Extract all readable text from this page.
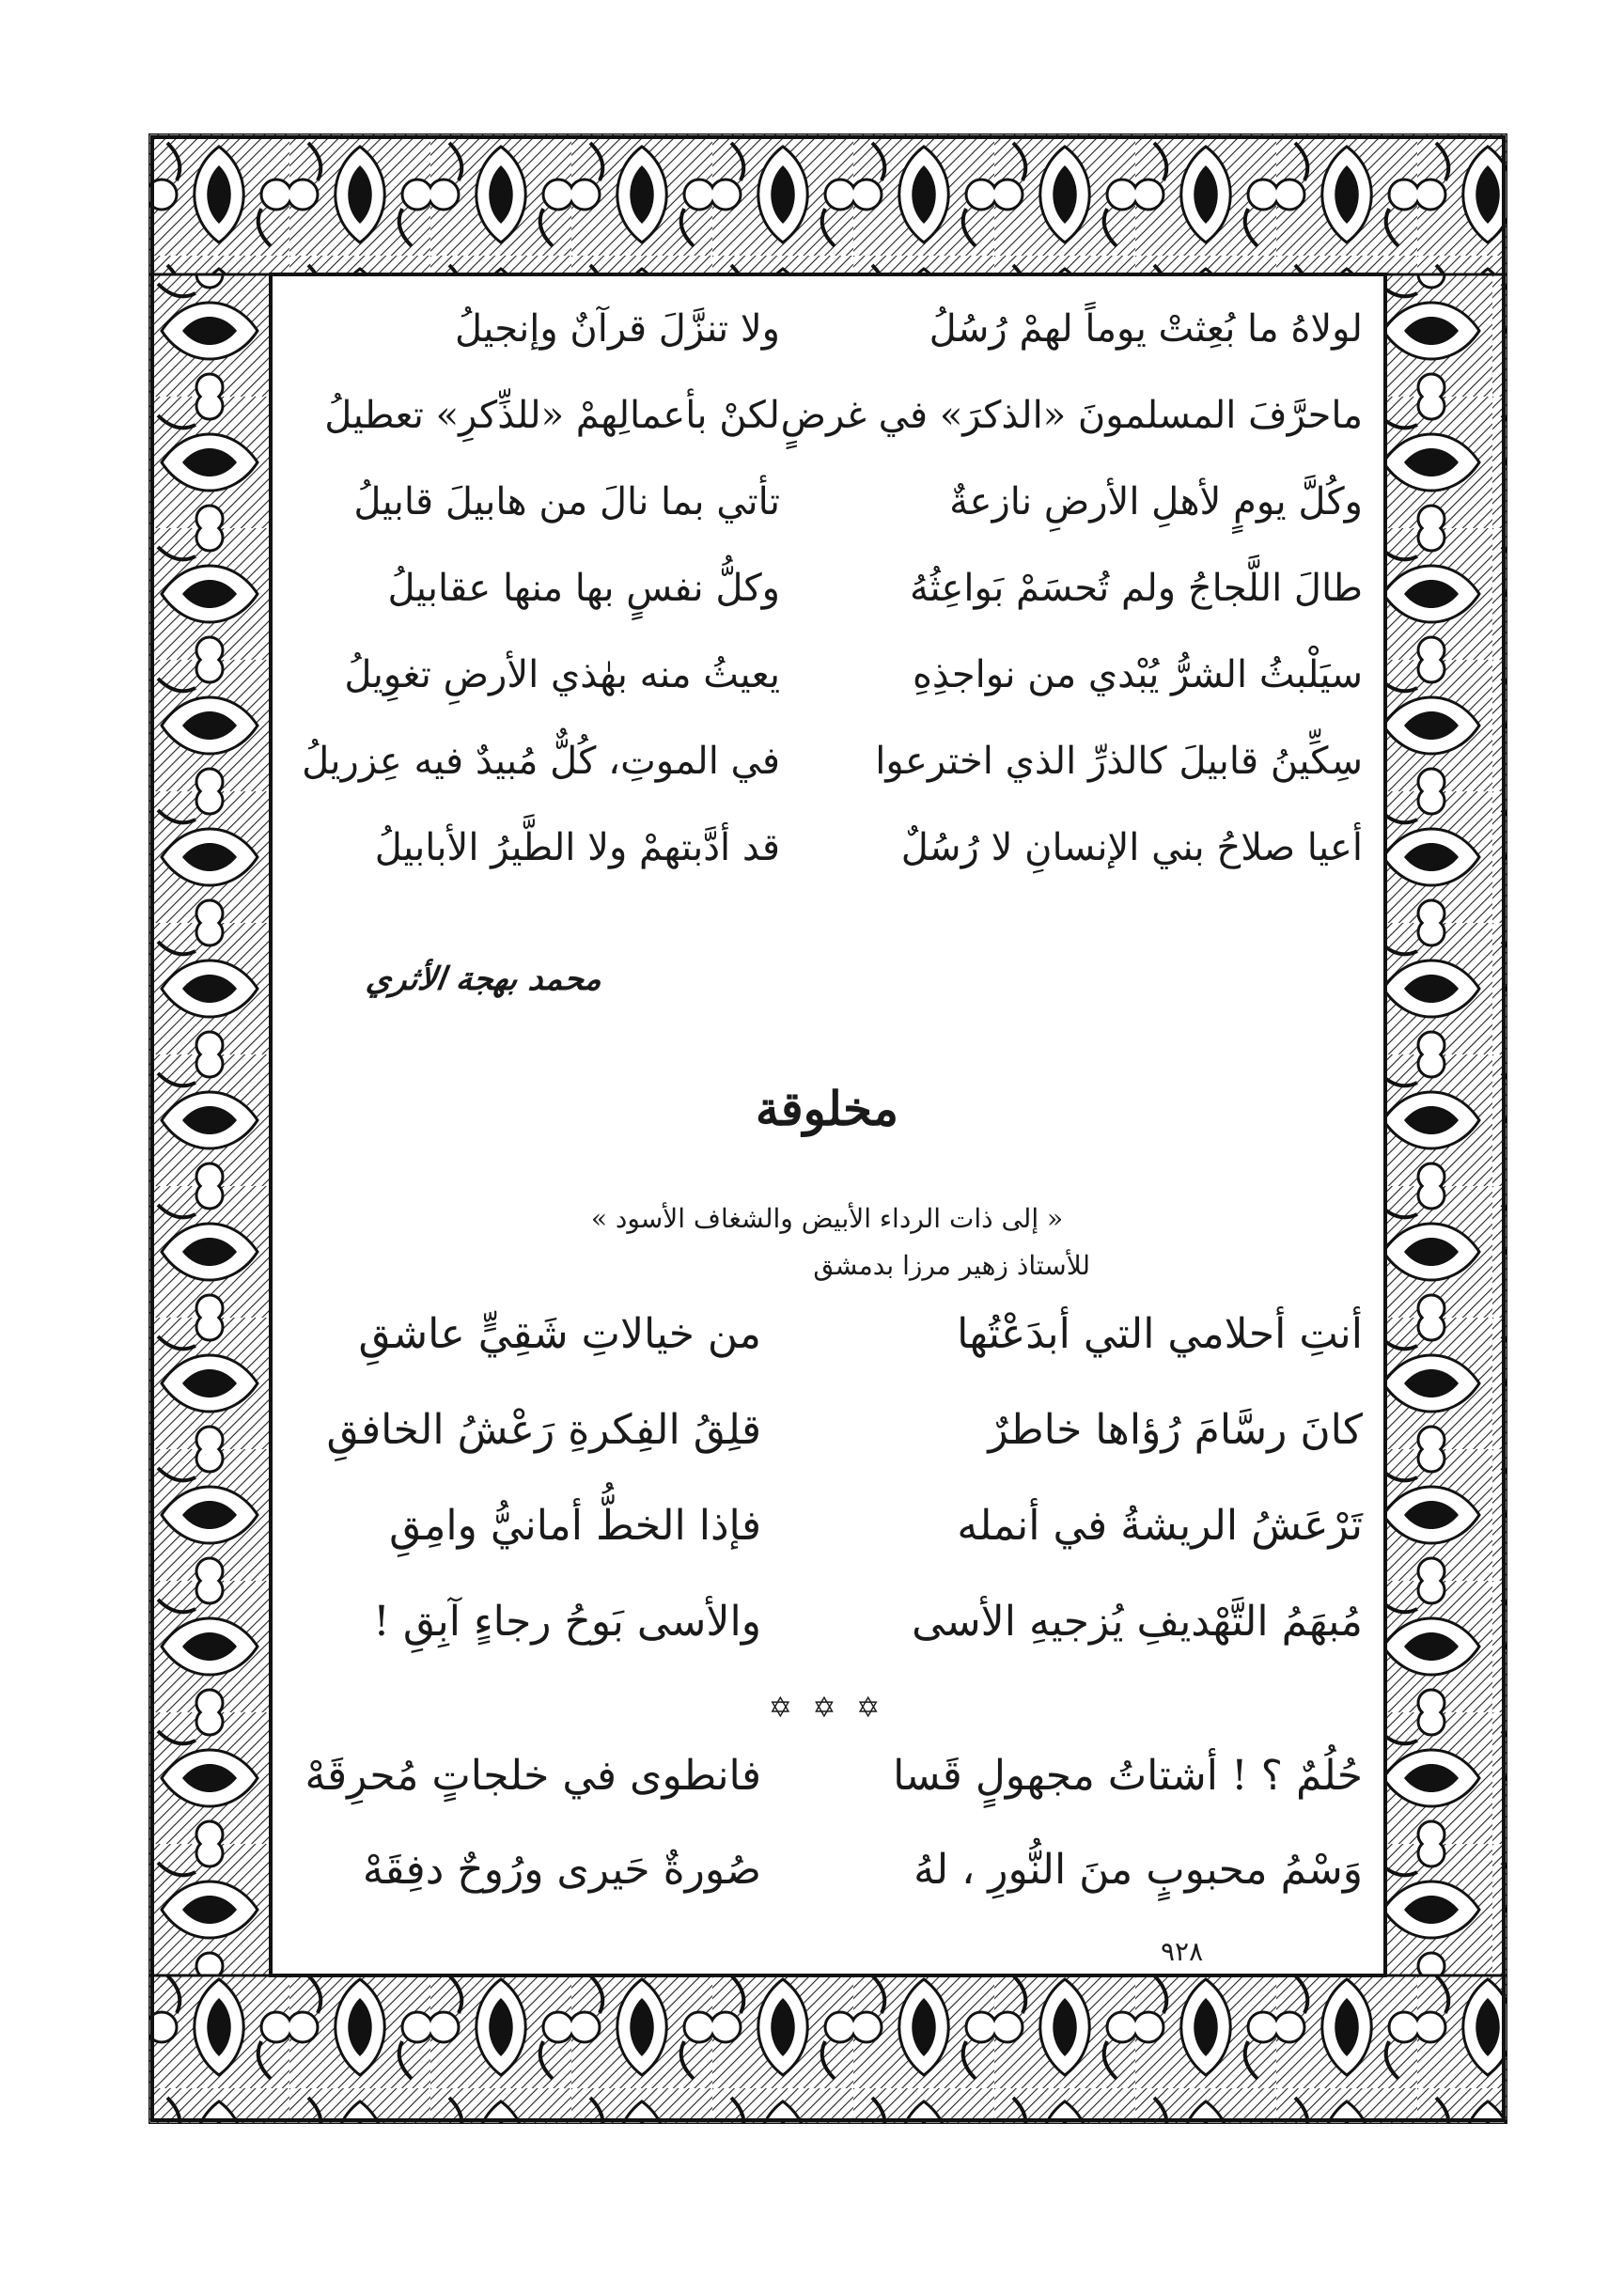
لولاهُ ما بُعِثتْ يوماً لهمْ رُسُلُ
ولا تنزَّلَ قرآنٌ وإنجيلُ
ماحرَّفَ المسلمونَ «الذكرَ» في غرضٍ
لكنْ بأعمالِهمْ «للذِّكرِ» تعطيلُ
وكُلَّ يومٍ لأهلِ الأرضِ نازعةٌ
تأتي بما نالَ من هابيلَ قابيلُ
طالَ اللَّجاجُ ولم تُحسَمْ بَواعِثُهُ
وكلُّ نفسٍ بها منها عقابيلُ
سيَلْبثُ الشرُّ يُبْدي من نواجذِهِ
يعيثُ منه بهٰذي الأرضِ تغوِيلُ
سِكِّينُ قابيلَ كالذرِّ الذي اخترعوا
في الموتِ، كُلٌّ مُبيدٌ فيه عِزريلُ
أعيا صلاحُ بني الإنسانِ لا رُسُلٌ
قد أدَّبتهمْ ولا الطَّيرُ الأبابيلُ
محمد بهجة الأثري
مخلوقة
« إلى ذات الرداء الأبيض والشغاف الأسود »
للأستاذ زهير مرزا بدمشق
أنتِ أحلامي التي أبدَعْتُها
من خيالاتِ شَقِيٍّ عاشقِ
كانَ رسَّامَ رُؤاها خاطرٌ
قلِقُ الفِكرةِ رَعْشُ الخافقِ
تَرْعَشُ الريشةُ في أنمله
فإذا الخطُّ أمانيُّ وامِقِ
مُبهَمُ التَّهْديفِ يُزجيهِ الأسى
والأسى بَوحُ رجاءٍ آبِقِ !
✡ ✡ ✡
حُلُمٌ ؟ ! أشتاتُ مجهولٍ قَسا
فانطوى في خلجاتٍ مُحرِقَهْ
وَسْمُ محبوبٍ منَ النُّورِ ، لهُ
صُورةٌ حَيرى ورُوحٌ دفِقَهْ
٩٢٨
